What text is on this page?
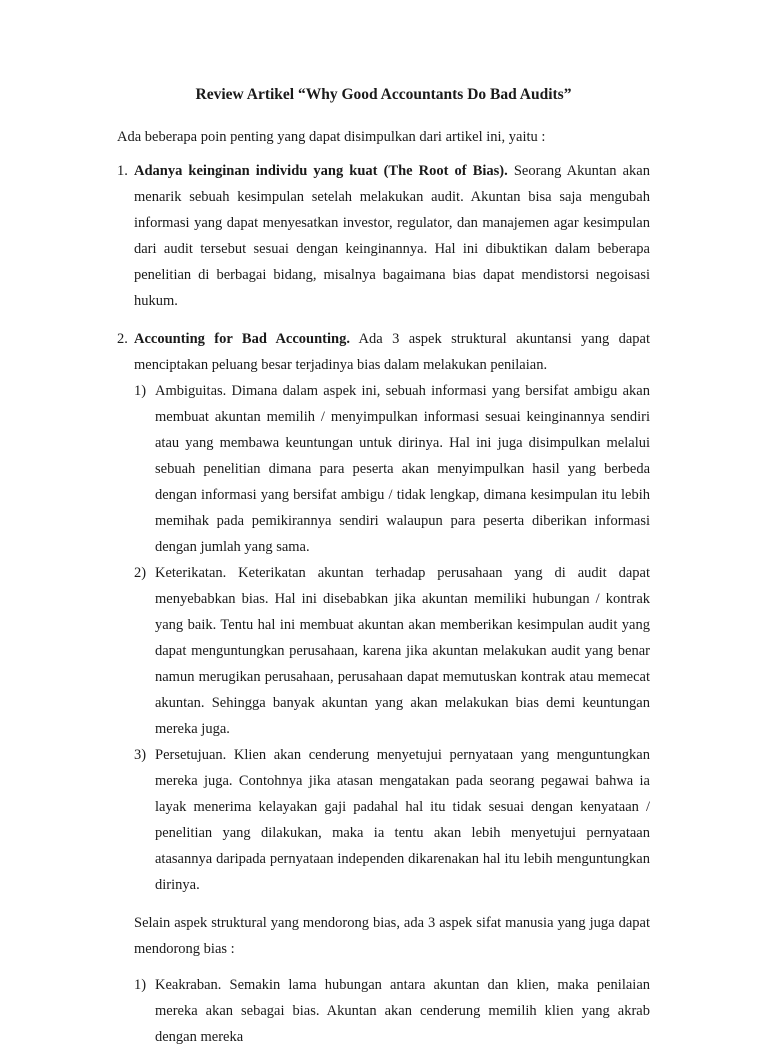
Review Artikel “Why Good Accountants Do Bad Audits”

Ada beberapa poin penting yang dapat disimpulkan dari artikel ini, yaitu :

1. Adanya keinginan individu yang kuat (The Root of Bias). Seorang Akuntan akan menarik sebuah kesimpulan setelah melakukan audit. Akuntan bisa saja mengubah informasi yang dapat menyesatkan investor, regulator, dan manajemen agar kesimpulan dari audit tersebut sesuai dengan keinginannya. Hal ini dibuktikan dalam beberapa penelitian di berbagai bidang, misalnya bagaimana bias dapat mendistorsi negoisasi hukum.

2. Accounting for Bad Accounting. Ada 3 aspek struktural akuntansi yang dapat menciptakan peluang besar terjadinya bias dalam melakukan penilaian.

1) Ambiguitas. Dimana dalam aspek ini, sebuah informasi yang bersifat ambigu akan membuat akuntan memilih / menyimpulkan informasi sesuai keinginannya sendiri atau yang membawa keuntungan untuk dirinya. Hal ini juga disimpulkan melalui sebuah penelitian dimana para peserta akan menyimpulkan hasil yang berbeda dengan informasi yang bersifat ambigu / tidak lengkap, dimana kesimpulan itu lebih memihak pada pemikirannya sendiri walaupun para peserta diberikan informasi dengan jumlah yang sama.

2) Keterikatan. Keterikatan akuntan terhadap perusahaan yang di audit dapat menyebabkan bias. Hal ini disebabkan jika akuntan memiliki hubungan / kontrak yang baik. Tentu hal ini membuat akuntan akan memberikan kesimpulan audit yang dapat menguntungkan perusahaan, karena jika akuntan melakukan audit yang benar namun merugikan perusahaan, perusahaan dapat memutuskan kontrak atau memecat akuntan. Sehingga banyak akuntan yang akan melakukan bias demi keuntungan mereka juga.

3) Persetujuan. Klien akan cenderung menyetujui pernyataan yang menguntungkan mereka juga. Contohnya jika atasan mengatakan pada seorang pegawai bahwa ia layak menerima kelayakan gaji padahal hal itu tidak sesuai dengan kenyataan / penelitian yang dilakukan, maka ia tentu akan lebih menyetujui pernyataan atasannya daripada pernyataan independen dikarenakan hal itu lebih menguntungkan dirinya.

Selain aspek struktural yang mendorong bias, ada 3 aspek sifat manusia yang juga dapat mendorong bias :

1) Keakraban. Semakin lama hubungan antara akuntan dan klien, maka penilaian mereka akan sebagai bias. Akuntan akan cenderung memilih klien yang akrab dengan mereka
